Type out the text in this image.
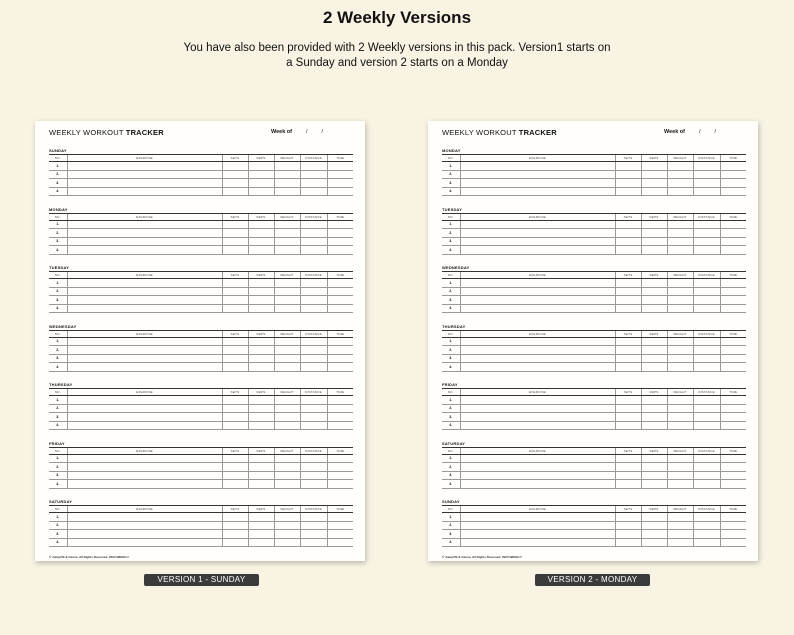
2 Weekly Versions
You have also been provided with 2 Weekly versions in this pack. Version1 starts on a Sunday and version 2 starts on a Monday
WEEKLY WORKOUT TRACKER	Week of	/	/
SUNDAY
NO.	EXERCISE	SETS	REPS	WEIGHT	DISTANCE	TIME
1.						
2.						
3.						
4.						
MONDAY
NO.	EXERCISE	SETS	REPS	WEIGHT	DISTANCE	TIME
1.						
2.						
3.						
4.						
TUESDAY
NO.	EXERCISE	SETS	REPS	WEIGHT	DISTANCE	TIME
1.						
2.						
3.						
4.						
WEDNESDAY
NO.	EXERCISE	SETS	REPS	WEIGHT	DISTANCE	TIME
1.						
2.						
3.						
4.						
THURSDAY
NO.	EXERCISE	SETS	REPS	WEIGHT	DISTANCE	TIME
1.						
2.						
3.						
4.						
FRIDAY
NO.	EXERCISE	SETS	REPS	WEIGHT	DISTANCE	TIME
1.						
2.						
3.						
4.						
SATURDAY
NO.	EXERCISE	SETS	REPS	WEIGHT	DISTANCE	TIME
1.						
2.						
3.						
4.						
© Jump2fit & Canva. All Rights Reserved. 2023 WEEKLY
WEEKLY WORKOUT TRACKER	Week of	/	/
MONDAY
NO.	EXERCISE	SETS	REPS	WEIGHT	DISTANCE	TIME
1.						
2.						
3.						
4.						
TUESDAY
NO.	EXERCISE	SETS	REPS	WEIGHT	DISTANCE	TIME
1.						
2.						
3.						
4.						
WEDNESDAY
NO.	EXERCISE	SETS	REPS	WEIGHT	DISTANCE	TIME
1.						
2.						
3.						
4.						
THURSDAY
NO.	EXERCISE	SETS	REPS	WEIGHT	DISTANCE	TIME
1.						
2.						
3.						
4.						
FRIDAY
NO.	EXERCISE	SETS	REPS	WEIGHT	DISTANCE	TIME
1.						
2.						
3.						
4.						
SATURDAY
NO.	EXERCISE	SETS	REPS	WEIGHT	DISTANCE	TIME
1.						
2.						
3.						
4.						
SUNDAY
NO.	EXERCISE	SETS	REPS	WEIGHT	DISTANCE	TIME
1.						
2.						
3.						
4.						
© Jump2fit & Canva. All Rights Reserved. 2023 WEEKLY
VERSION 1 - SUNDAY	VERSION 2 - MONDAY
